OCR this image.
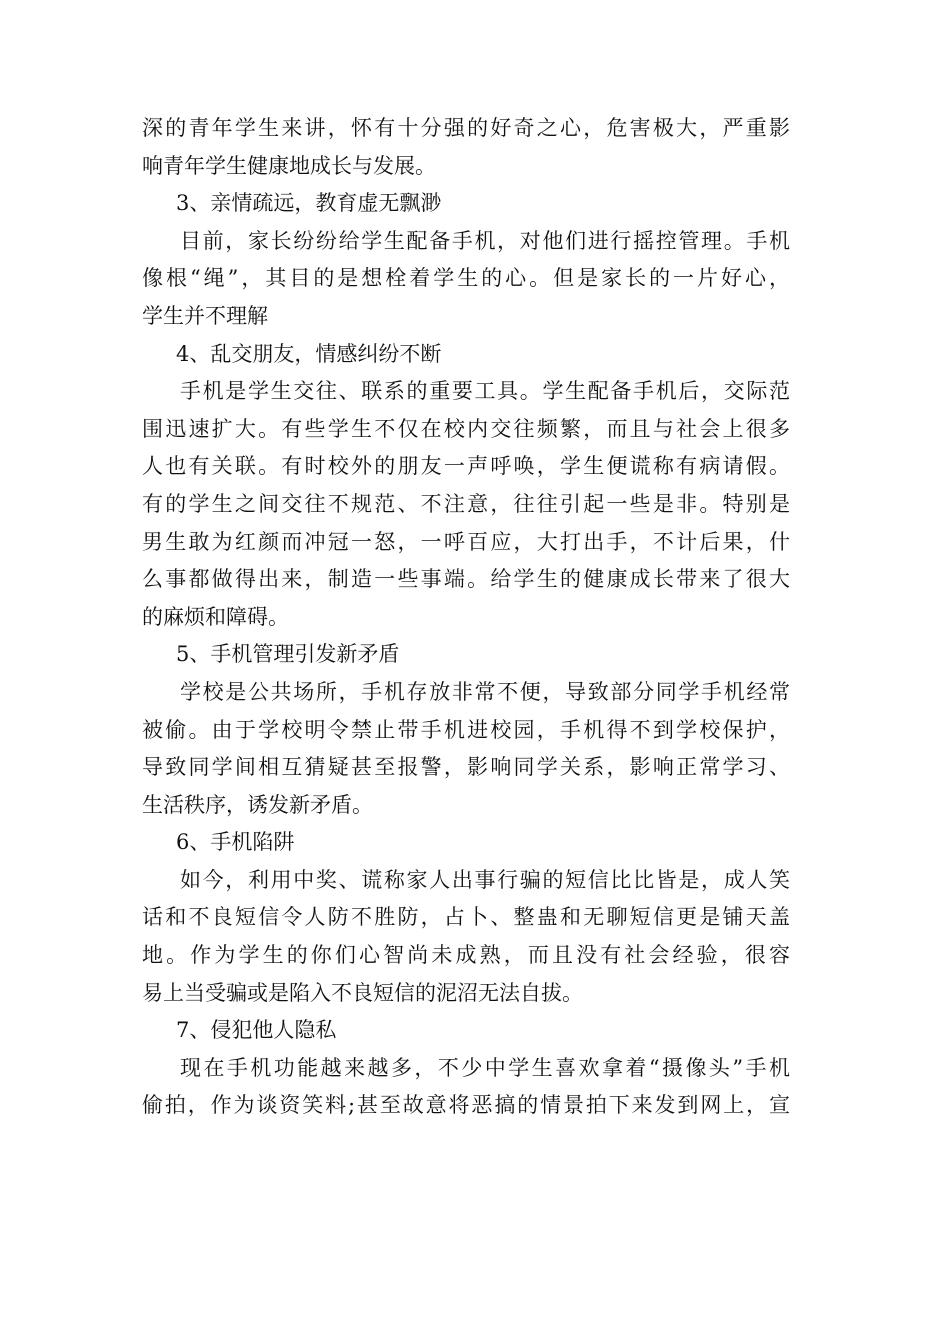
深的青年学生来讲，怀有十分强的好奇之心，危害极大，严重影
响青年学生健康地成长与发展。
3、亲情疏远，教育虚无飘渺
目前，家长纷纷给学生配备手机，对他们进行摇控管理。手机
像根“绳”，其目的是想栓着学生的心。但是家长的一片好心，
学生并不理解
4、乱交朋友，情感纠纷不断
手机是学生交往、联系的重要工具。学生配备手机后，交际范
围迅速扩大。有些学生不仅在校内交往频繁，而且与社会上很多
人也有关联。有时校外的朋友一声呼唤，学生便谎称有病请假。
有的学生之间交往不规范、不注意，往往引起一些是非。特别是
男生敢为红颜而冲冠一怒，一呼百应，大打出手，不计后果，什
么事都做得出来，制造一些事端。给学生的健康成长带来了很大
的麻烦和障碍。
5、手机管理引发新矛盾
学校是公共场所，手机存放非常不便，导致部分同学手机经常
被偷。由于学校明令禁止带手机进校园，手机得不到学校保护，
导致同学间相互猜疑甚至报警，影响同学关系，影响正常学习、
生活秩序，诱发新矛盾。
6、手机陷阱
如今，利用中奖、谎称家人出事行骗的短信比比皆是，成人笑
话和不良短信令人防不胜防，占卜、整蛊和无聊短信更是铺天盖
地。作为学生的你们心智尚未成熟，而且没有社会经验，很容
易上当受骗或是陷入不良短信的泥沼无法自拔。
7、侵犯他人隐私
现在手机功能越来越多，不少中学生喜欢拿着“摄像头”手机
偷拍，作为谈资笑料;甚至故意将恶搞的情景拍下来发到网上，宣
